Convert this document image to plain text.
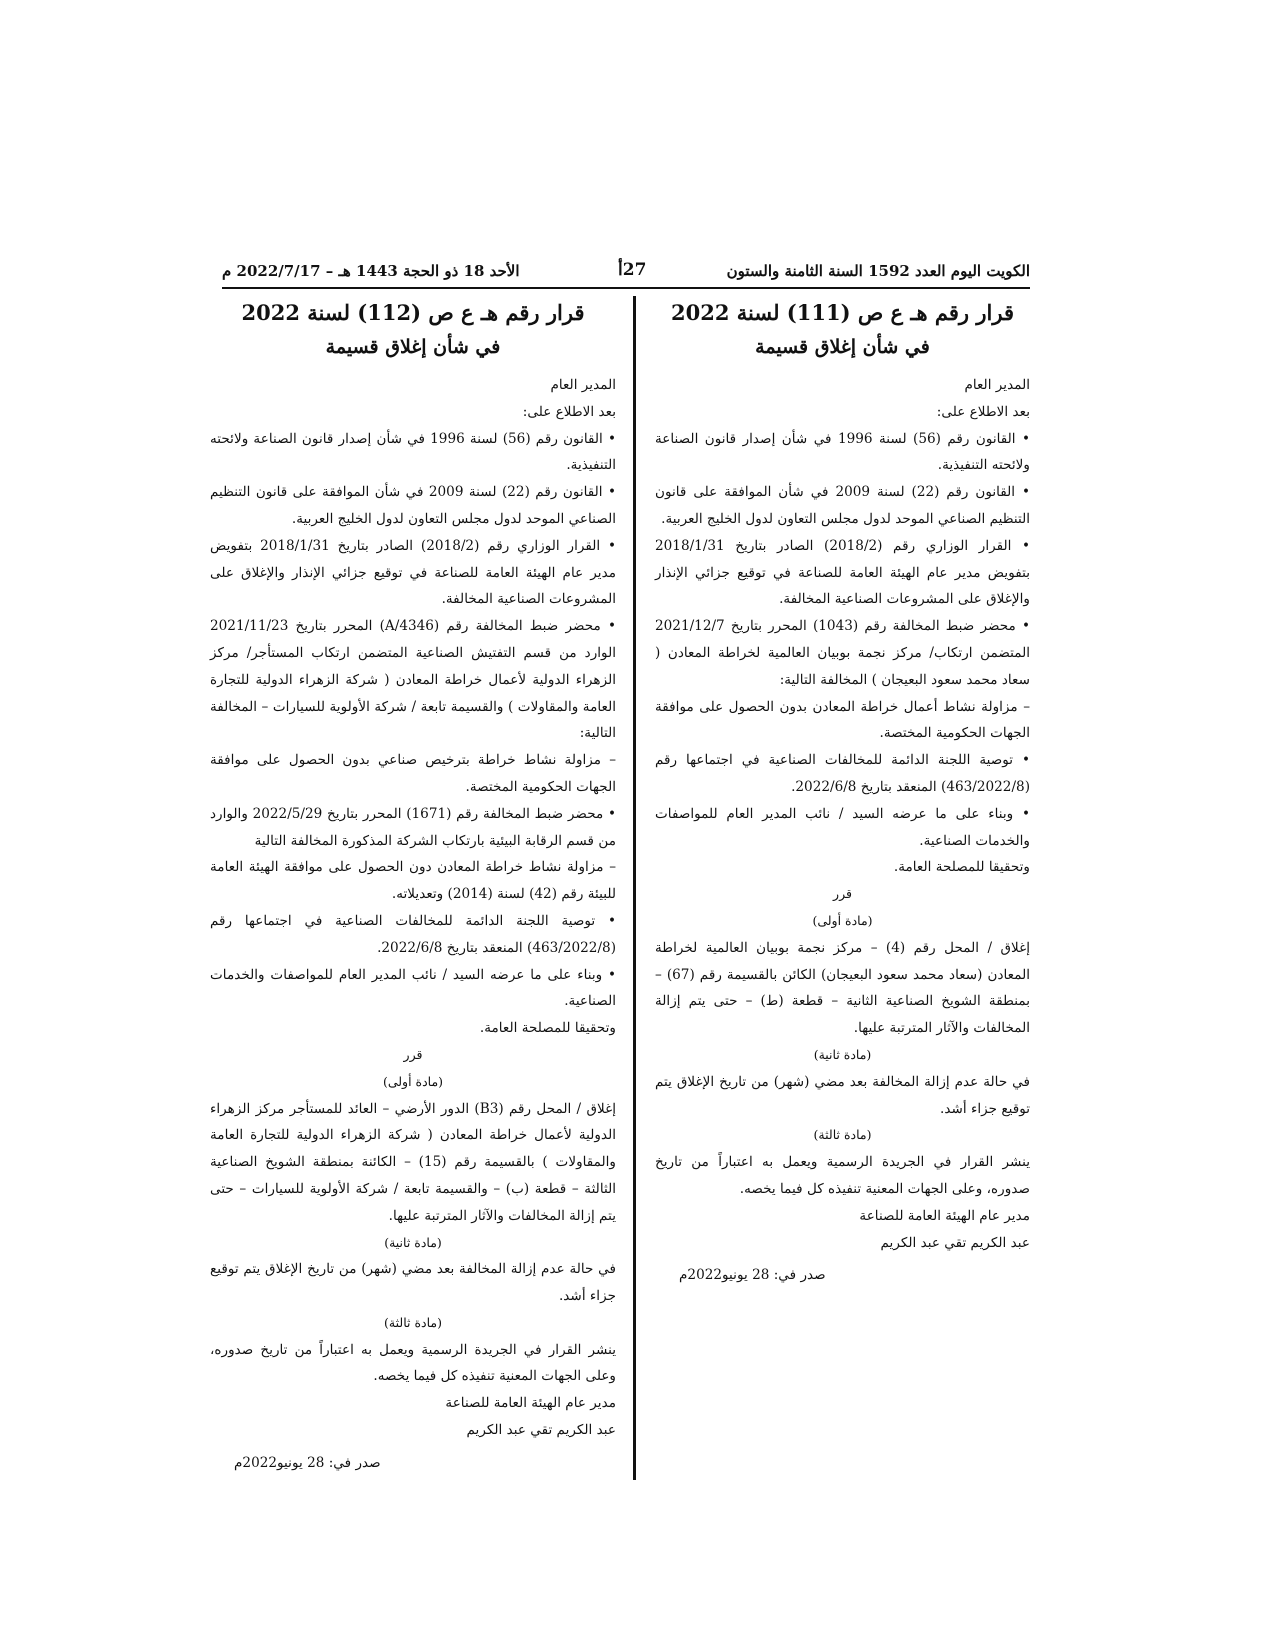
الكويت اليوم العدد 1592 السنة الثامنة والستون
27أ
الأحد 18 ذو الحجة 1443 هـ – 2022/7/17 م
قرار رقم هـ ع ص (111) لسنة 2022
في شأن إغلاق قسيمة

المدير العام

بعد الاطلاع على:

• القانون رقم (56) لسنة 1996 في شأن إصدار قانون الصناعة ولائحته التنفيذية.

• القانون رقم (22) لسنة 2009 في شأن الموافقة على قانون التنظيم الصناعي الموحد لدول مجلس التعاون لدول الخليج العربية.

• القرار الوزاري رقم (2018/2) الصادر بتاريخ 2018/1/31 بتفويض مدير عام الهيئة العامة للصناعة في توقيع جزائي الإنذار والإغلاق على المشروعات الصناعية المخالفة.

• محضر ضبط المخالفة رقم (1043) المحرر بتاريخ 2021/12/7 المتضمن ارتكاب/ مركز نجمة بوبيان العالمية لخراطة المعادن ( سعاد محمد سعود البعيجان ) المخالفة التالية:

– مزاولة نشاط أعمال خراطة المعادن بدون الحصول على موافقة الجهات الحكومية المختصة.

• توصية اللجنة الدائمة للمخالفات الصناعية في اجتماعها رقم (463/2022/8) المنعقد بتاريخ 2022/6/8.

• وبناء على ما عرضه السيد / نائب المدير العام للمواصفات والخدمات الصناعية.

وتحقيقا للمصلحة العامة.

قرر

(مادة أولى)

إغلاق / المحل رقم (4) – مركز نجمة بوبيان العالمية لخراطة المعادن (سعاد محمد سعود البعيجان) الكائن بالقسيمة رقم (67) – بمنطقة الشويخ الصناعية الثانية – قطعة (ط) – حتى يتم إزالة المخالفات والآثار المترتبة عليها.

(مادة ثانية)

في حالة عدم إزالة المخالفة بعد مضي (شهر) من تاريخ الإغلاق يتم توقيع جزاء أشد.

(مادة ثالثة)

ينشر القرار في الجريدة الرسمية ويعمل به اعتباراً من تاريخ صدوره، وعلى الجهات المعنية تنفيذه كل فيما يخصه.

مدير عام الهيئة العامة للصناعة

عبد الكريم تقي عبد الكريم

صدر في: 28 يونيو2022م

قرار رقم هـ ع ص (112) لسنة 2022
في شأن إغلاق قسيمة

المدير العام

بعد الاطلاع على:

• القانون رقم (56) لسنة 1996 في شأن إصدار قانون الصناعة ولائحته التنفيذية.

• القانون رقم (22) لسنة 2009 في شأن الموافقة على قانون التنظيم الصناعي الموحد لدول مجلس التعاون لدول الخليج العربية.

• القرار الوزاري رقم (2018/2) الصادر بتاريخ 2018/1/31 بتفويض مدير عام الهيئة العامة للصناعة في توقيع جزائي الإنذار والإغلاق على المشروعات الصناعية المخالفة.

• محضر ضبط المخالفة رقم (4346/A) المحرر بتاريخ 2021/11/23 الوارد من قسم التفتيش الصناعية المتضمن ارتكاب المستأجر/ مركز الزهراء الدولية لأعمال خراطة المعادن ( شركة الزهراء الدولية للتجارة العامة والمقاولات ) والقسيمة تابعة / شركة الأولوية للسيارات – المخالفة التالية:

– مزاولة نشاط خراطة بترخيص صناعي بدون الحصول على موافقة الجهات الحكومية المختصة.

• محضر ضبط المخالفة رقم (1671) المحرر بتاريخ 2022/5/29 والوارد من قسم الرقابة البيئية بارتكاب الشركة المذكورة المخالفة التالية

– مزاولة نشاط خراطة المعادن دون الحصول على موافقة الهيئة العامة للبيئة رقم (42) لسنة (2014) وتعديلاته.

• توصية اللجنة الدائمة للمخالفات الصناعية في اجتماعها رقم (463/2022/8) المنعقد بتاريخ 2022/6/8.

• وبناء على ما عرضه السيد / نائب المدير العام للمواصفات والخدمات الصناعية.

وتحقيقا للمصلحة العامة.

قرر

(مادة أولى)

إغلاق / المحل رقم (B3) الدور الأرضي – العائد للمستأجر مركز الزهراء الدولية لأعمال خراطة المعادن ( شركة الزهراء الدولية للتجارة العامة والمقاولات ) بالقسيمة رقم (15) – الكائنة بمنطقة الشويخ الصناعية الثالثة – قطعة (ب) – والقسيمة تابعة / شركة الأولوية للسيارات – حتى يتم إزالة المخالفات والآثار المترتبة عليها.

(مادة ثانية)

في حالة عدم إزالة المخالفة بعد مضي (شهر) من تاريخ الإغلاق يتم توقيع جزاء أشد.

(مادة ثالثة)

ينشر القرار في الجريدة الرسمية ويعمل به اعتباراً من تاريخ صدوره، وعلى الجهات المعنية تنفيذه كل فيما يخصه.

مدير عام الهيئة العامة للصناعة

عبد الكريم تقي عبد الكريم

صدر في: 28 يونيو2022م
